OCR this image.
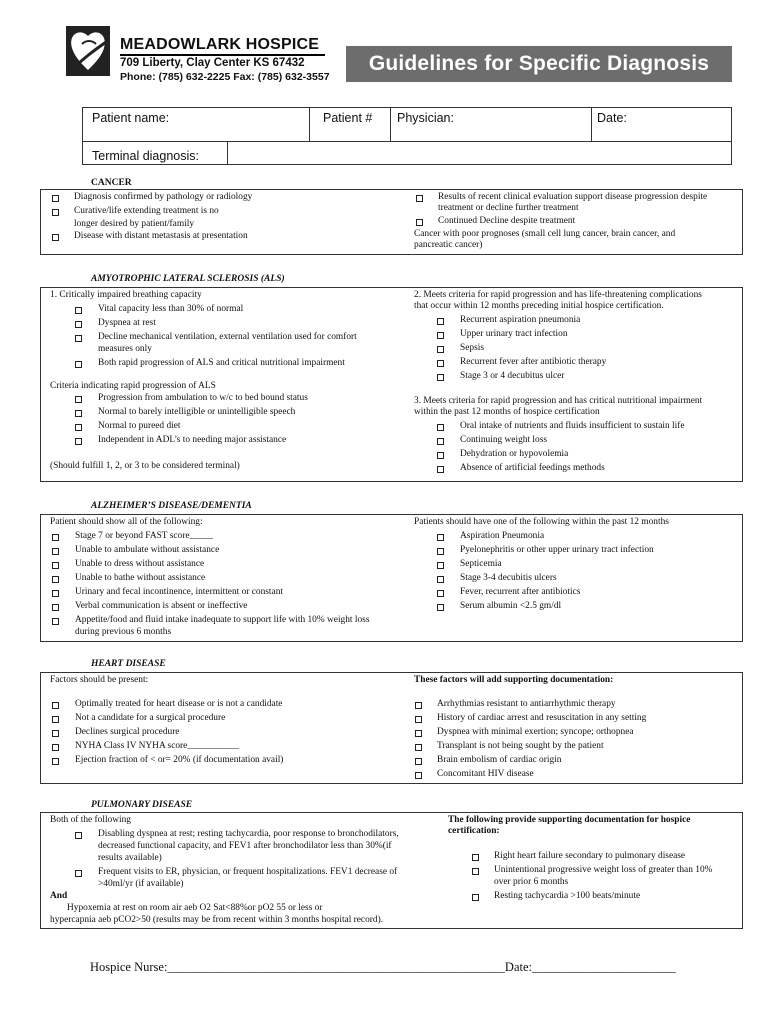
MEADOWLARK HOSPICE
709 Liberty, Clay Center KS 67432
Phone: (785) 632-2225 Fax: (785) 632-3557
Guidelines for Specific Diagnosis
Patient name:	Patient # Physician:	Date:
Terminal diagnosis:
CANCER
Diagnosis confirmed by pathology or radiology
Curative/life extending treatment is no
longer desired by patient/family
Disease with distant metastasis at presentation
Results of recent clinical evaluation support disease progression despite
treatment or decline further treatment
Continued Decline despite treatment
Cancer with poor prognoses (small cell lung cancer, brain cancer, and
pancreatic cancer)
AMYOTROPHIC LATERAL SCLEROSIS (ALS)
1. Critically impaired breathing capacity
Vital capacity less than 30% of normal
Dyspnea at rest
Decline mechanical ventilation, external ventilation used for comfort
measures only
Both rapid progression of ALS and critical nutritional impairment
Criteria indicating rapid progression of ALS
Progression from ambulation to w/c to bed bound status
Normal to barely intelligible or unintelligible speech
Normal to pureed diet
Independent in ADL’s to needing major assistance
(Should fulfill 1, 2, or 3 to be considered terminal)
2. Meets criteria for rapid progression and has life-threatening complications
that occur within 12 months preceding initial hospice certification.
Recurrent aspiration pneumonia
Upper urinary tract infection
Sepsis
Recurrent fever after antibiotic therapy
Stage 3 or 4 decubitus ulcer
3. Meets criteria for rapid progression and has critical nutritional impairment
within the past 12 months of hospice certification
Oral intake of nutrients and fluids insufficient to sustain life
Continuing weight loss
Dehydration or hypovolemia
Absence of artificial feedings methods
ALZHEIMER’S DISEASE/DEMENTIA
Patient should show all of the following:
Stage 7 or beyond FAST score_____
Unable to ambulate without assistance
Unable to dress without assistance
Unable to bathe without assistance
Urinary and fecal incontinence, intermittent or constant
Verbal communication is absent or ineffective
Appetite/food and fluid intake inadequate to support life with 10% weight loss
during previous 6 months
Patients should have one of the following within the past 12 months
Aspiration Pneumonia
Pyelonephritis or other upper urinary tract infection
Septicemia
Stage 3-4 decubitis ulcers
Fever, recurrent after antibiotics
Serum albumin <2.5 gm/dl
HEART DISEASE
Factors should be present:
Optimally treated for heart disease or is not a candidate
Not a candidate for a surgical procedure
Declines surgical procedure
NYHA Class IV NYHA score___________
Ejection fraction of < or= 20% (if documentation avail)
These factors will add supporting documentation:
Arrhythmias resistant to antiarrhythmic therapy
History of cardiac arrest and resuscitation in any setting
Dyspnea with minimal exertion; syncope; orthopnea
Transplant is not being sought by the patient
Brain embolism of cardiac origin
Concomitant HIV disease
PULMONARY DISEASE
Both of the following
Disabling dyspnea at rest; resting tachycardia, poor response to bronchodilators,
decreased functional capacity, and FEV1 after bronchodilator less than 30%(if
results available)
Frequent visits to ER, physician, or frequent hospitalizations. FEV1 decrease of
>40ml/yr (if available)
And
Hypoxemia at rest on room air aeb O2 Sat<88%or pO2 55 or less or
hypercapnia aeb pCO2>50 (results may be from recent within 3 months hospital record).
The following provide supporting documentation for hospice
certification:
Right heart failure secondary to pulmonary disease
Unintentional progressive weight loss of greater than 10%
over prior 6 months
Resting tachycardia >100 beats/minute
Hospice Nurse:______________________________________________________Date:_______________________
